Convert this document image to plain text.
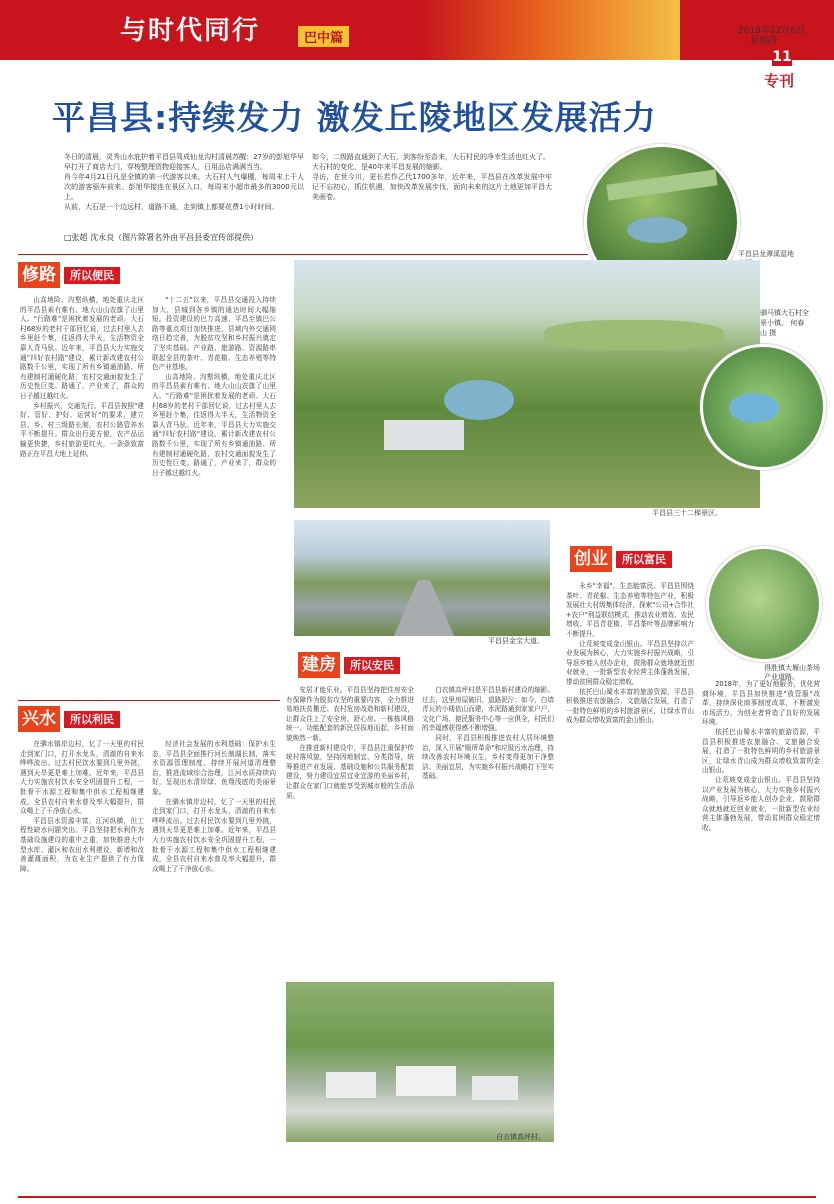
与时代同行	巴中篇
四川日报
2018年12月6日
星期四
11
专刊
平昌县:持续发力 激发丘陵地区发展活力
冬日的清晨，灵秀山水庇护着平昌县驾成仙龙沟村清晨苏醒：27岁的彭旭华早早打开了商店大门，穿梭整理货物迎接客人，日用品店满满当当。
肖今年4月21日凡是全镇的第一代游客以来，大石村人气爆棚，每周末上千人次的游客驱车前来。彭旭华接连在景区入口，每周末小超市最多的3000元以上。
从前，大石是一个边远村，道路不通，走到镇上都要花费1小时时间。
如今，二级路直通到了大石，到客纷至沓来，大石村民的净幸生活也红火了。
大石村的变化，是40年来平昌发展的缩影。
寻访，在世今川，更长若作乙代1700多年，近年来，平昌县在改革发展中牢记不忘初心，抓住机遇，加快改革发展步伐，面向未来的这片土地更加平昌大美画卷。
□张超 沈永良（图片除署名外由平昌县委宣传部提供）
平昌县龙潭溪湿地
修路	所以便民

山高地险、沟壑纵横，地处重庆北区的平昌县素有难有、地大山山农旗了山里人。"行路难"是困扰着发展的老顽。大石村68岁的老村干部回忆说，过去村里人去乡里赶个集，往返得大半天，生活物资全靠人背马驮。近年来，平昌县大力实施交通"四好农村路"建设，累计新改建农村公路数千公里，实现了所有乡镇通油路、所有建制村通硬化路，农村交通面貌发生了历史性巨变。路通了，产业来了，群众的日子越过越红火。

乡村振兴，交通先行。平昌县按照"建好、管好、护好、运营好"的要求，建立县、乡、村三级路长制，农村公路管养水平不断提升。群众出行更方便，农产品运输更快捷，乡村旅游更红火，一条条致富路正在平昌大地上延伸。

"十二五"以来，平昌县交通投入持续加大，县城到各乡镇的通达时间大幅缩短。投资建设的巴万高速、平昌至镇巴公路等重点项目加快推进，县域内外交通网络日趋完善，为脱贫攻坚和乡村振兴奠定了坚实基础。产业路、旅游路、资源路串联起全县的茶叶、青花椒、生态养殖等特色产业基地。

山高地险、沟壑纵横，地处重庆北区的平昌县素有难有、地大山山农旗了山里人。"行路难"是困扰着发展的老顽。大石村68岁的老村干部回忆说，过去村里人去乡里赶个集，往返得大半天，生活物资全靠人背马驮。近年来，平昌县大力实施交通"四好农村路"建设，累计新改建农村公路数千公里，实现了所有乡镇通油路、所有建制村通硬化路，农村交通面貌发生了历史性巨变。路通了，产业来了，群众的日子越过越红火。

驷马镇大石村全景小镇。 何春山 摄
平昌县三十二梯景区。
平昌县金宝大道。
创业	所以富民
得胜镇大堰山茶场产业道路。

永乡"幸福"，生态能富民。平昌县围绕茶叶、青花椒、生态养殖等特色产业，积极发展壮大村级集体经济，探索"公司+合作社+农户"利益联结模式，推动农业增效、农民增收。平昌青花椒、平昌茶叶等品牌影响力不断提升。

让荒坡变成金山银山。平昌县坚持以产业发展为核心，大力实施乡村振兴战略，引导返乡能人创办企业，鼓励群众就地就近创业就业，一批新型农业经营主体蓬勃发展，带动贫困群众稳定增收。

依托巴山蜀水丰富的旅游资源，平昌县积极推进农旅融合、文旅融合发展，打造了一批特色鲜明的乡村旅游景区，让绿水青山成为群众增收致富的金山银山。

2018年，为了更好地服务，优化营商环境，平昌县加快推进"放管服"改革，持续深化商事制度改革，不断激发市场活力，为创业者营造了良好的发展环境。

依托巴山蜀水丰富的旅游资源，平昌县积极推进农旅融合、文旅融合发展，打造了一批特色鲜明的乡村旅游景区，让绿水青山成为群众增收致富的金山银山。

让荒坡变成金山银山。平昌县坚持以产业发展为核心，大力实施乡村振兴战略，引导返乡能人创办企业，鼓励群众就地就近创业就业，一批新型农业经营主体蓬勃发展，带动贫困群众稳定增收。

兴水	所以利民

在驷水镇岸边村，忆了一天里的村民走到家门口，打开水龙头，清澈的自来水哗哗流出。过去村民饮水要到几里外挑，遇到天旱更是难上加难。近年来，平昌县大力实施农村饮水安全巩固提升工程，一批骨干水源工程和集中供水工程相继建成，全县农村自来水普及率大幅提升，群众喝上了干净放心水。

平昌县水资源丰富，江河纵横，但工程性缺水问题突出。平昌坚持把水利作为基础设施建设的重中之重，加快推进大中型水库、灌区和农田水利建设，新增和改善灌溉面积，为农业生产提供了有力保障。

经济社会发展的水利基础：保护水生态，平昌县全面推行河长制湖长制，落实水资源管理制度，持续开展河道清理整治，推进流域综合治理，江河水质持续向好，呈现出水清岸绿、鱼翔浅底的美丽景象。

在驷水镇岸边村，忆了一天里的村民走到家门口，打开水龙头，清澈的自来水哗哗流出。过去村民饮水要到几里外挑，遇到天旱更是难上加难。近年来，平昌县大力实施农村饮水安全巩固提升工程，一批骨干水源工程和集中供水工程相继建成，全县农村自来水普及率大幅提升，群众喝上了干净放心水。

建房	所以安民

安居才能乐业。平昌县坚持把住房安全有保障作为脱贫攻坚的重要内容，全力推进易地扶贫搬迁、农村危房改造和新村建设，让群众住上了安全房、舒心房。一栋栋风格统一、功能配套的新民居拔地而起，乡村面貌焕然一新。

在推进新村建设中，平昌县注重保护传统村落风貌，坚持因地制宜、分类指导，统筹推进产业发展、基础设施和公共服务配套建设，努力建设宜居宜业宜游的美丽乡村，让群众在家门口就能享受到城市般的生活品质。

白衣镇高坪村是平昌县新村建设的缩影。过去，这里房屋破旧、道路泥泞；如今，白墙青瓦的小楼依山而建，水泥路通到家家户户，文化广场、便民服务中心等一应俱全，村民们的幸福感获得感不断增强。

同时，平昌县积极推进农村人居环境整治，深入开展"厕所革命"和垃圾污水治理，持续改善农村环境卫生，乡村变得更加干净整洁、美丽宜居，为实施乡村振兴战略打下坚实基础。

白衣镇高坪村。
